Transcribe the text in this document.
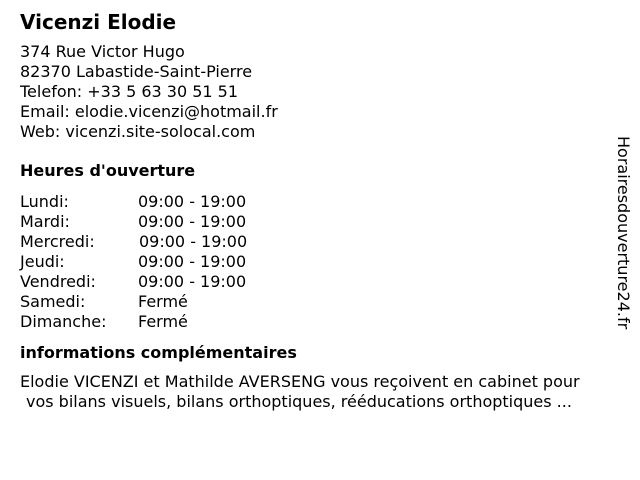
Vicenzi Elodie
374 Rue Victor Hugo
82370 Labastide-Saint-Pierre
Telefon: +33 5 63 30 51 51
Email: elodie.vicenzi@hotmail.fr
Web: vicenzi.site-solocal.com
Heures d'ouverture
Lundi:	09:00 - 19:00
Mardi:	09:00 - 19:00
Mercredi:	09:00 - 19:00
Jeudi:	09:00 - 19:00
Vendredi:	09:00 - 19:00
Samedi:	Fermé
Dimanche:	Fermé
informations complémentaires
Elodie VICENZI et Mathilde AVERSENG vous reçoivent en cabinet pour
vos bilans visuels, bilans orthoptiques, rééducations orthoptiques ...
Horairesdouverture24.fr
